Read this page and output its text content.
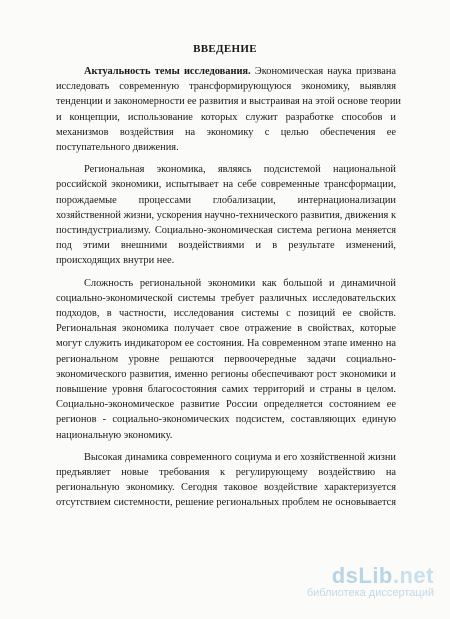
ВВЕДЕНИЕ
Актуальность темы исследования. Экономическая наука призвана
исследовать современную трансформирующуюся экономику, выявляя
тенденции и закономерности ее развития и выстраивая на этой основе теории
и концепции, использование которых служит разработке способов и
механизмов воздействия на экономику с целью обеспечения ее
поступательного движения.
Региональная экономика, являясь подсистемой национальной
российской экономики, испытывает на себе современные трансформации,
порождаемые процессами глобализации, интернационализации
хозяйственной жизни, ускорения научно-технического развития, движения к
постиндустриализму. Социально-экономическая система региона меняется
под этими внешними воздействиями и в результате изменений,
происходящих внутри нее.
Сложность региональной экономики как большой и динамичной
социально-экономической системы требует различных исследовательских
подходов, в частности, исследования системы с позиций ее свойств.
Региональная экономика получает свое отражение в свойствах, которые
могут служить индикатором ее состояния. На современном этапе именно на
региональном уровне решаются первоочередные задачи социально-
экономического развития, именно регионы обеспечивают рост экономики и
повышение уровня благосостояния самих территорий и страны в целом.
Социально-экономическое развитие России определяется состоянием ее
регионов - социально-экономических подсистем, составляющих единую
национальную экономику.
Высокая динамика современного социума и его хозяйственной жизни
предъявляет новые требования к регулирующему воздействию на
региональную экономику. Сегодня таковое воздействие характеризуется
отсутствием системности, решение региональных проблем не основывается
dsLib.net
библиотека диссертаций
